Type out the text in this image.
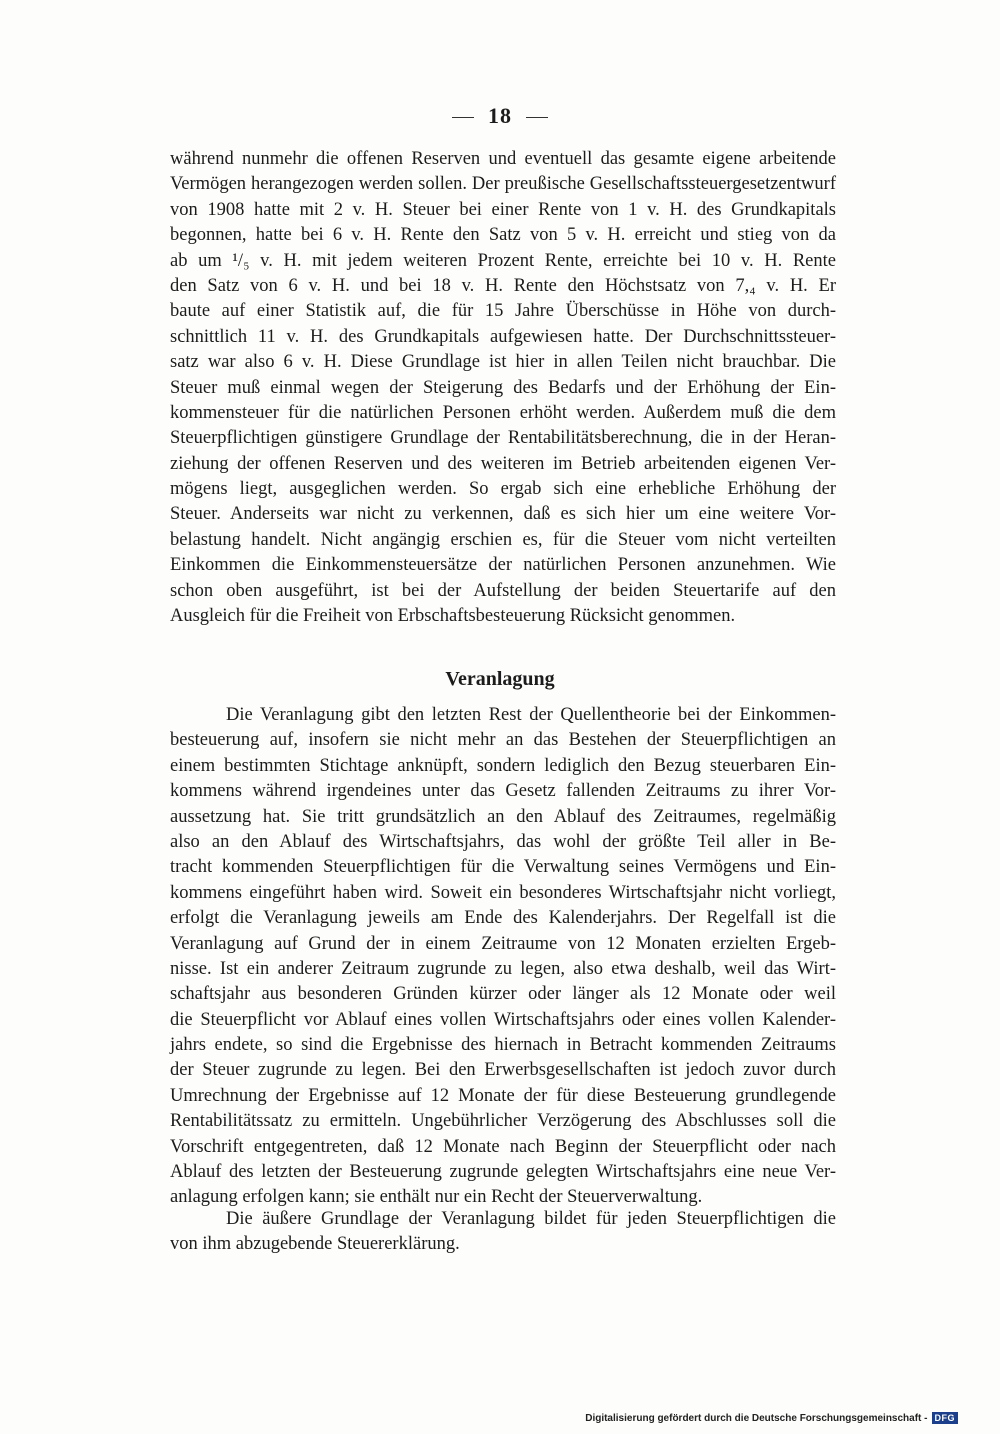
18
während nunmehr die offenen Reserven und eventuell das gesamte eigene arbeitende
Vermögen herangezogen werden sollen. Der preußische Gesellschaftssteuergesetzentwurf
von 1908 hatte mit 2 v. H. Steuer bei einer Rente von 1 v. H. des Grundkapitals
begonnen, hatte bei 6 v. H. Rente den Satz von 5 v. H. erreicht und stieg von da
ab um ¹/₅ v. H. mit jedem weiteren Prozent Rente, erreichte bei 10 v. H. Rente
den Satz von 6 v. H. und bei 18 v. H. Rente den Höchstsatz von 7,₄ v. H. Er
baute auf einer Statistik auf, die für 15 Jahre Überschüsse in Höhe von durch-
schnittlich 11 v. H. des Grundkapitals aufgewiesen hatte. Der Durchschnittssteuer-
satz war also 6 v. H. Diese Grundlage ist hier in allen Teilen nicht brauchbar. Die
Steuer muß einmal wegen der Steigerung des Bedarfs und der Erhöhung der Ein-
kommensteuer für die natürlichen Personen erhöht werden. Außerdem muß die dem
Steuerpflichtigen günstigere Grundlage der Rentabilitätsberechnung, die in der Heran-
ziehung der offenen Reserven und des weiteren im Betrieb arbeitenden eigenen Ver-
mögens liegt, ausgeglichen werden. So ergab sich eine erhebliche Erhöhung der
Steuer. Anderseits war nicht zu verkennen, daß es sich hier um eine weitere Vor-
belastung handelt. Nicht angängig erschien es, für die Steuer vom nicht verteilten
Einkommen die Einkommensteuersätze der natürlichen Personen anzunehmen. Wie
schon oben ausgeführt, ist bei der Aufstellung der beiden Steuertarife auf den
Ausgleich für die Freiheit von Erbschaftsbesteuerung Rücksicht genommen.
Veranlagung
Die Veranlagung gibt den letzten Rest der Quellentheorie bei der Einkommen-
besteuerung auf, insofern sie nicht mehr an das Bestehen der Steuerpflichtigen an
einem bestimmten Stichtage anknüpft, sondern lediglich den Bezug steuerbaren Ein-
kommens während irgendeines unter das Gesetz fallenden Zeitraums zu ihrer Vor-
aussetzung hat. Sie tritt grundsätzlich an den Ablauf des Zeitraumes, regelmäßig
also an den Ablauf des Wirtschaftsjahrs, das wohl der größte Teil aller in Be-
tracht kommenden Steuerpflichtigen für die Verwaltung seines Vermögens und Ein-
kommens eingeführt haben wird. Soweit ein besonderes Wirtschaftsjahr nicht vorliegt,
erfolgt die Veranlagung jeweils am Ende des Kalenderjahrs. Der Regelfall ist die
Veranlagung auf Grund der in einem Zeitraume von 12 Monaten erzielten Ergeb-
nisse. Ist ein anderer Zeitraum zugrunde zu legen, also etwa deshalb, weil das Wirt-
schaftsjahr aus besonderen Gründen kürzer oder länger als 12 Monate oder weil
die Steuerpflicht vor Ablauf eines vollen Wirtschaftsjahrs oder eines vollen Kalender-
jahrs endete, so sind die Ergebnisse des hiernach in Betracht kommenden Zeitraums
der Steuer zugrunde zu legen. Bei den Erwerbsgesellschaften ist jedoch zuvor durch
Umrechnung der Ergebnisse auf 12 Monate der für diese Besteuerung grundlegende
Rentabilitätssatz zu ermitteln. Ungebührlicher Verzögerung des Abschlusses soll die
Vorschrift entgegentreten, daß 12 Monate nach Beginn der Steuerpflicht oder nach
Ablauf des letzten der Besteuerung zugrunde gelegten Wirtschaftsjahrs eine neue Ver-
anlagung erfolgen kann; sie enthält nur ein Recht der Steuerverwaltung.
Die äußere Grundlage der Veranlagung bildet für jeden Steuerpflichtigen die
von ihm abzugebende Steuererklärung.
Digitalisierung gefördert durch die Deutsche Forschungsgemeinschaft - DFG
